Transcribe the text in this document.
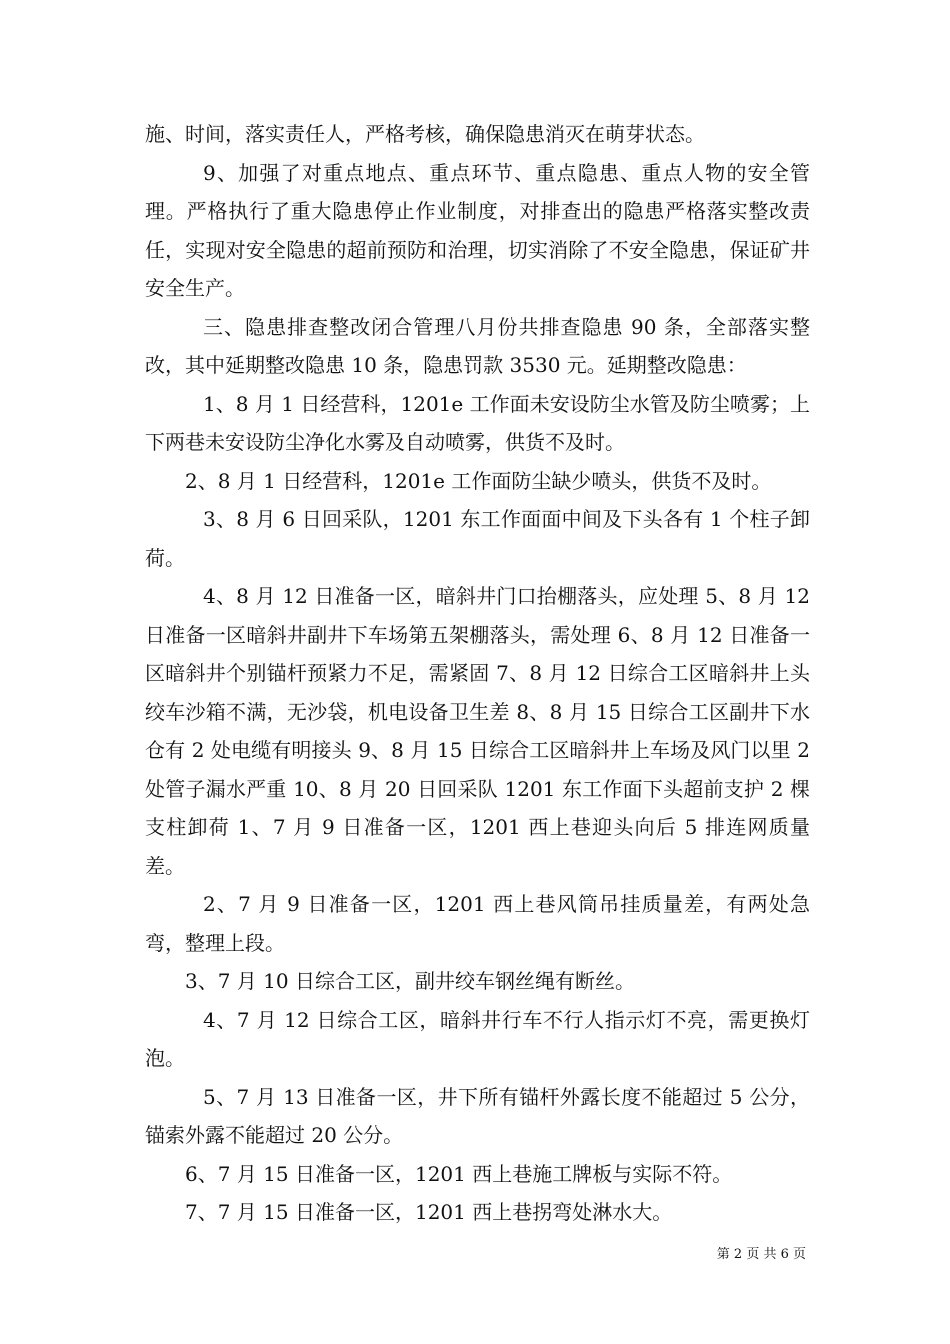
施、时间，落实责任人，严格考核，确保隐患消灭在萌芽状态。

9、加强了对重点地点、重点环节、重点隐患、重点人物的安全管理。严格执行了重大隐患停止作业制度，对排查出的隐患严格落实整改责任，实现对安全隐患的超前预防和治理，切实消除了不安全隐患，保证矿井安全生产。

三、隐患排查整改闭合管理八月份共排查隐患 90 条，全部落实整改，其中延期整改隐患 10 条，隐患罚款 3530 元。延期整改隐患：

1、8 月 1 日经营科，1201e 工作面未安设防尘水管及防尘喷雾；上下两巷未安设防尘净化水雾及自动喷雾，供货不及时。

2、8 月 1 日经营科，1201e 工作面防尘缺少喷头，供货不及时。

3、8 月 6 日回采队，1201 东工作面面中间及下头各有 1 个柱子卸荷。

4、8 月 12 日准备一区，暗斜井门口抬棚落头，应处理 5、8 月 12 日准备一区暗斜井副井下车场第五架棚落头，需处理 6、8 月 12 日准备一区暗斜井个别锚杆预紧力不足，需紧固 7、8 月 12 日综合工区暗斜井上头绞车沙箱不满，无沙袋，机电设备卫生差 8、8 月 15 日综合工区副井下水仓有 2 处电缆有明接头 9、8 月 15 日综合工区暗斜井上车场及风门以里 2 处管子漏水严重 10、8 月 20 日回采队 1201 东工作面下头超前支护 2 棵支柱卸荷 1、7 月 9 日准备一区，1201 西上巷迎头向后 5 排连网质量差。

2、7 月 9 日准备一区，1201 西上巷风筒吊挂质量差，有两处急弯，整理上段。

3、7 月 10 日综合工区，副井绞车钢丝绳有断丝。

4、7 月 12 日综合工区，暗斜井行车不行人指示灯不亮，需更换灯泡。

5、7 月 13 日准备一区，井下所有锚杆外露长度不能超过 5 公分，锚索外露不能超过 20 公分。

6、7 月 15 日准备一区，1201 西上巷施工牌板与实际不符。

7、7 月 15 日准备一区，1201 西上巷拐弯处淋水大。

第 2 页 共 6 页
